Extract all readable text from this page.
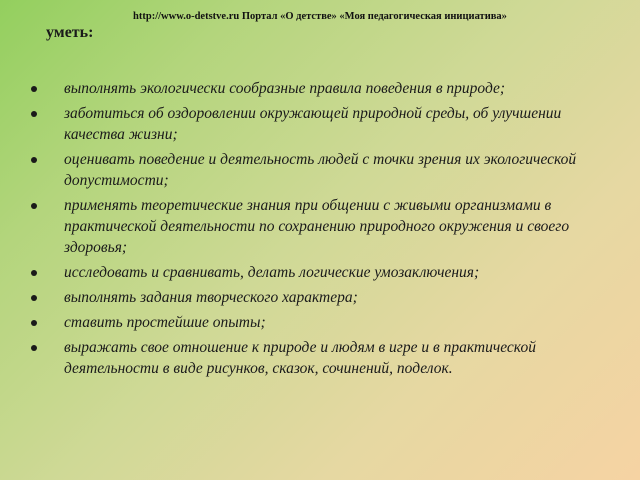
http://www.o-detstve.ru Портал «О детстве» «Моя педагогическая инициатива»
уметь:
выполнять экологически сообразные правила поведения в природе;
заботиться об оздоровлении окружающей природной среды, об улучшении качества жизни;
оценивать поведение и деятельность людей с точки зрения их экологической допустимости;
применять теоретические знания при общении с живыми организмами в практической деятельности по сохранению природного окружения и своего здоровья;
исследовать и сравнивать, делать логические умозаключения;
выполнять задания творческого характера;
ставить простейшие опыты;
выражать свое отношение к природе и людям в игре и в практической деятельности в виде рисунков, сказок, сочинений, поделок.
